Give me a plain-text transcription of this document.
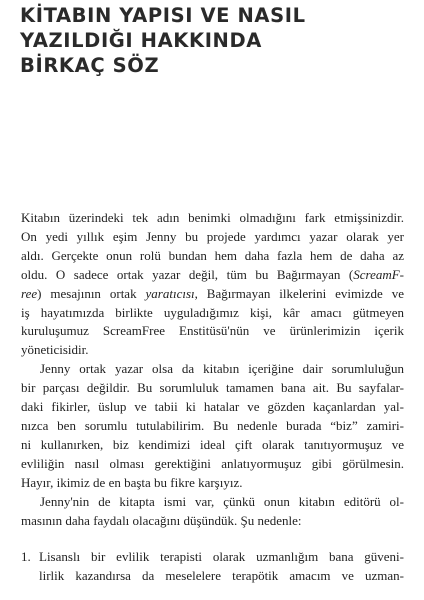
KİTABIN YAPISI VE NASIL
YAZILDIĞI HAKKINDA
BİRKAÇ SÖZ
Kitabın üzerindeki tek adın benimki olmadığını fark etmişsinizdir.
On yedi yıllık eşim Jenny bu projede yardımcı yazar olarak yer
aldı. Gerçekte onun rolü bundan hem daha fazla hem de daha az
oldu. O sadece ortak yazar değil, tüm bu Bağırmayan (ScreamF-
ree) mesajının ortak yaratıcısı, Bağırmayan ilkelerini evimizde ve
iş hayatımızda birlikte uyguladığımız kişi, kâr amacı gütmeyen
kuruluşumuz ScreamFree Enstitüsü'nün ve ürünlerimizin içerik
yöneticisidir.
Jenny ortak yazar olsa da kitabın içeriğine dair sorumluluğun
bir parçası değildir. Bu sorumluluk tamamen bana ait. Bu sayfalar-
daki fikirler, üslup ve tabii ki hatalar ve gözden kaçanlardan yal-
nızca ben sorumlu tutulabilirim. Bu nedenle burada “biz” zamiri-
ni kullanırken, biz kendimizi ideal çift olarak tanıtıyormuşuz ve
evliliğin nasıl olması gerektiğini anlatıyormuşuz gibi görülmesin.
Hayır, ikimiz de en başta bu fikre karşıyız.
Jenny'nin de kitapta ismi var, çünkü onun kitabın editörü ol-
masının daha faydalı olacağını düşündük. Şu nedenle:
1. Lisanslı bir evlilik terapisti olarak uzmanlığım bana güveni-
lirlik kazandırsa da meselelere terapötik amacım ve uzman-
